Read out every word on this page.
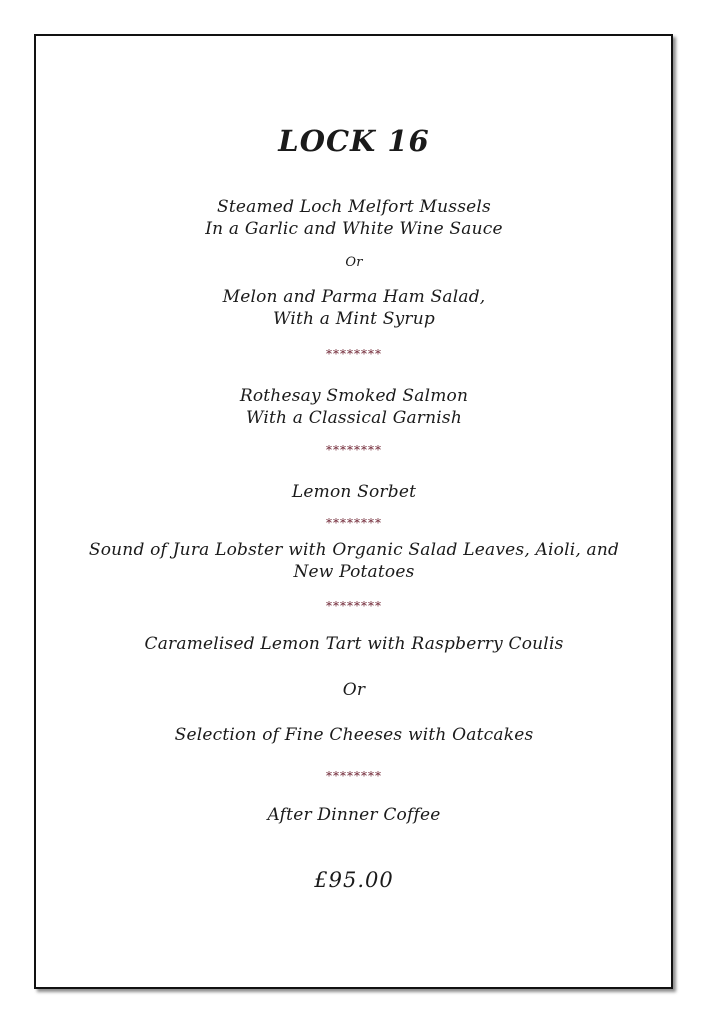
LOCK 16
Steamed Loch Melfort Mussels
In a Garlic and White Wine Sauce
Or
Melon and Parma Ham Salad,
With a Mint Syrup
********
Rothesay Smoked Salmon
With a Classical Garnish
********
Lemon Sorbet
********
Sound of Jura Lobster with Organic Salad Leaves, Aioli, and
New Potatoes
********
Caramelised Lemon Tart with Raspberry Coulis
Or
Selection of Fine Cheeses with Oatcakes
********
After Dinner Coffee
£95.00
